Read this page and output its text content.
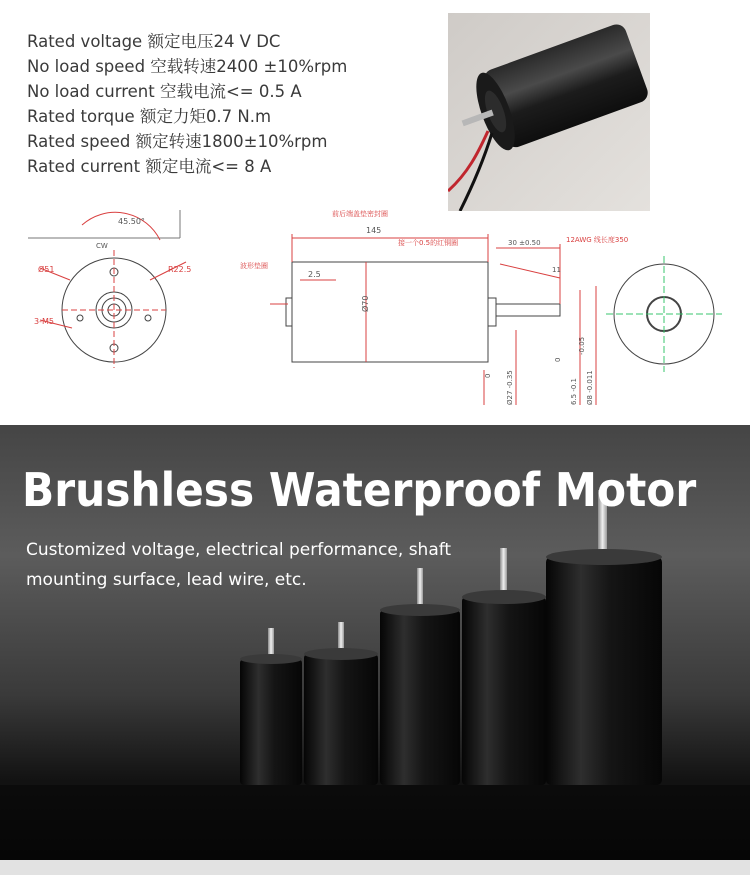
Rated voltage 额定电压24 V DC
No load speed 空载转速2400 ±10%rpm
No load current 空载电流<= 0.5 A
Rated torque 额定力矩0.7 N.m
Rated speed 额定转速1800±10%rpm
Rated current 额定电流<= 8 A
45.50°
CW
Ø51	R22.5
3-M5
前后端盖垫密封圈
145
接一个0.5的红铜圈	30 ±0.50	12AWG 线长度350
波形垫圈
2.5
Ø70
11
0 Ø27 -0.35
0
6.5 -0.1 Ø8 -0.011
-0.05
Brushless Waterproof Motor

Customized voltage, electrical performance, shaft mounting surface, lead wire, etc.
